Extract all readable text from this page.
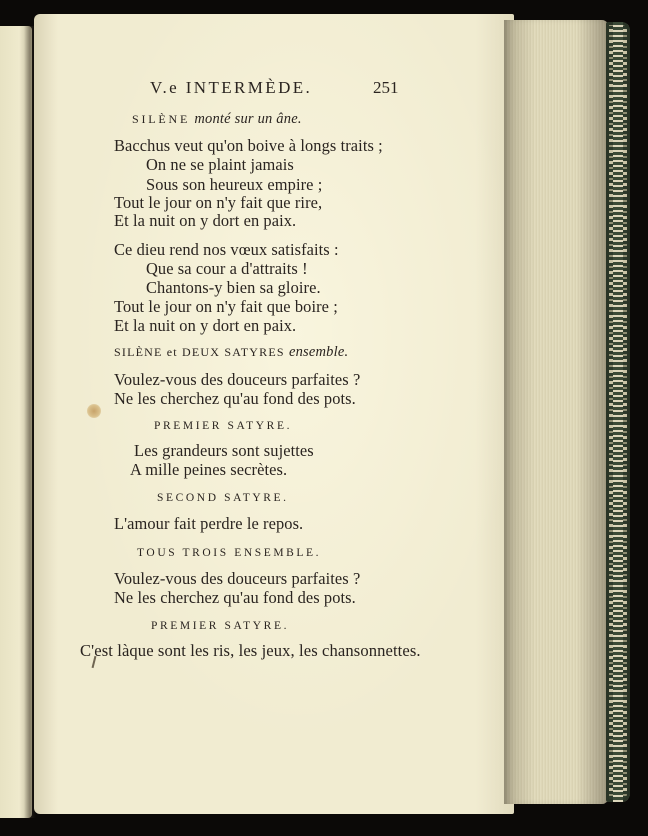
V.e INTERMÈDE.	251
SILÈNE monté sur un âne.
Bacchus veut qu'on boive à longs traits ;
On ne se plaint jamais
Sous son heureux empire ;
Tout le jour on n'y fait que rire,
Et la nuit on y dort en paix.
Ce dieu rend nos vœux satisfaits :
Que sa cour a d'attraits !
Chantons-y bien sa gloire.
Tout le jour on n'y fait que boire ;
Et la nuit on y dort en paix.
SILÈNE et DEUX SATYRES ensemble.
Voulez-vous des douceurs parfaites ?
Ne les cherchez qu'au fond des pots.
PREMIER SATYRE.
Les grandeurs sont sujettes
A mille peines secrètes.
SECOND SATYRE.
L'amour fait perdre le repos.
TOUS TROIS ENSEMBLE.
Voulez-vous des douceurs parfaites ?
Ne les cherchez qu'au fond des pots.
PREMIER SATYRE.
C'est làque sont les ris, les jeux, les chansonnettes.
